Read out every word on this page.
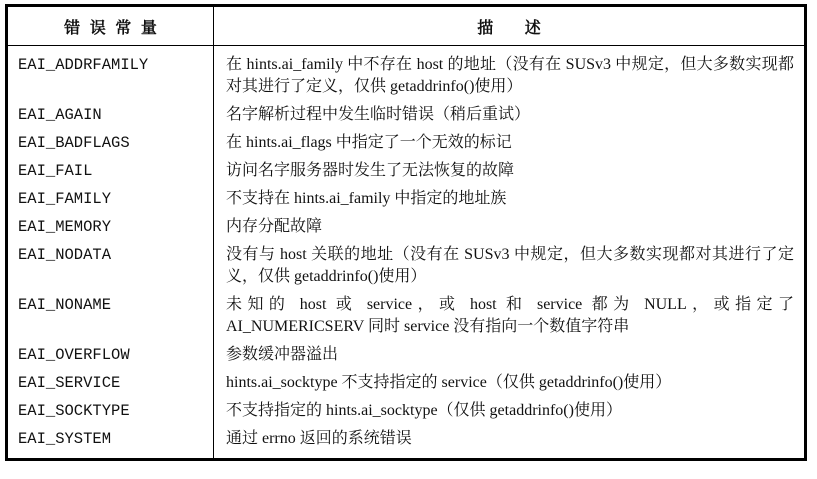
错 误 常 量	描 述
EAI_ADDRFAMILY	在 hints.ai_family 中不存在 host 的地址（没有在 SUSv3 中规定，但大多数实现都对其进行了定义，仅供 getaddrinfo()使用）
EAI_AGAIN	名字解析过程中发生临时错误（稍后重试）
EAI_BADFLAGS	在 hints.ai_flags 中指定了一个无效的标记
EAI_FAIL	访问名字服务器时发生了无法恢复的故障
EAI_FAMILY	不支持在 hints.ai_family 中指定的地址族
EAI_MEMORY	内存分配故障
EAI_NODATA	没有与 host 关联的地址（没有在 SUSv3 中规定，但大多数实现都对其进行了定义，仅供 getaddrinfo()使用）
EAI_NONAME	未知的 host 或 service，或 host 和 service 都为 NULL，或指定了 AI_NUMERICSERV 同时 service 没有指向一个数值字符串
EAI_OVERFLOW	参数缓冲器溢出
EAI_SERVICE	hints.ai_socktype 不支持指定的 service（仅供 getaddrinfo()使用）
EAI_SOCKTYPE	不支持指定的 hints.ai_socktype（仅供 getaddrinfo()使用）
EAI_SYSTEM	通过 errno 返回的系统错误
